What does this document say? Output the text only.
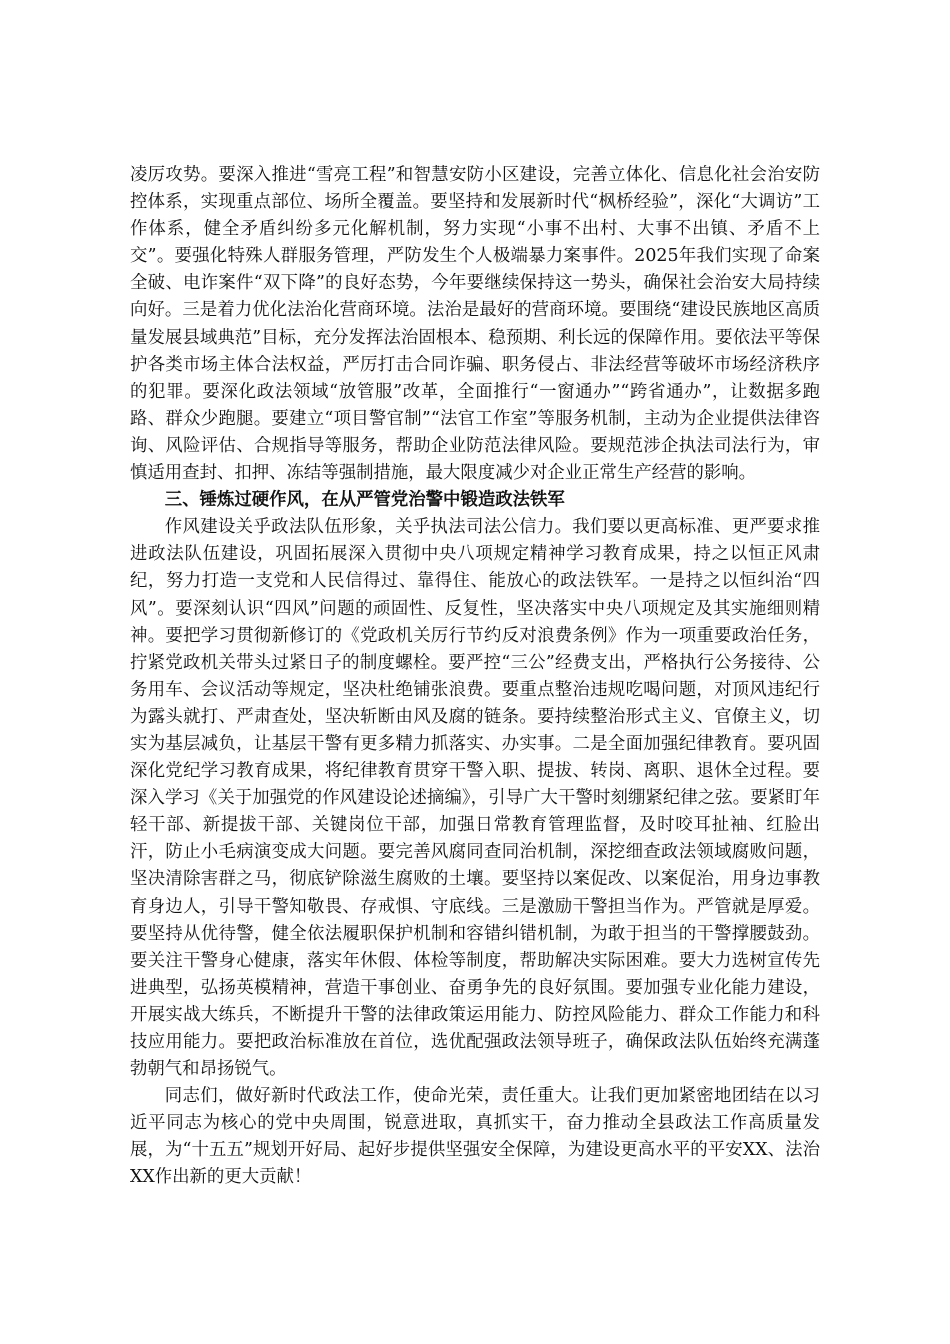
凌厉攻势。要深入推进“雪亮工程”和智慧安防小区建设，完善立体化、信息化社会治安防控体系，实现重点部位、场所全覆盖。要坚持和发展新时代“枫桥经验”，深化“大调访”工作体系，健全矛盾纠纷多元化解机制，努力实现“小事不出村、大事不出镇、矛盾不上交”。要强化特殊人群服务管理，严防发生个人极端暴力案事件。2025年我们实现了命案全破、电诈案件“双下降”的良好态势，今年要继续保持这一势头，确保社会治安大局持续向好。三是着力优化法治化营商环境。法治是最好的营商环境。要围绕“建设民族地区高质量发展县域典范”目标，充分发挥法治固根本、稳预期、利长远的保障作用。要依法平等保护各类市场主体合法权益，严厉打击合同诈骗、职务侵占、非法经营等破坏市场经济秩序的犯罪。要深化政法领域“放管服”改革，全面推行“一窗通办”“跨省通办”，让数据多跑路、群众少跑腿。要建立“项目警官制”“法官工作室”等服务机制，主动为企业提供法律咨询、风险评估、合规指导等服务，帮助企业防范法律风险。要规范涉企执法司法行为，审慎适用查封、扣押、冻结等强制措施，最大限度减少对企业正常生产经营的影响。

三、锤炼过硬作风，在从严管党治警中锻造政法铁军

作风建设关乎政法队伍形象，关乎执法司法公信力。我们要以更高标准、更严要求推进政法队伍建设，巩固拓展深入贯彻中央八项规定精神学习教育成果，持之以恒正风肃纪，努力打造一支党和人民信得过、靠得住、能放心的政法铁军。一是持之以恒纠治“四风”。要深刻认识“四风”问题的顽固性、反复性，坚决落实中央八项规定及其实施细则精神。要把学习贯彻新修订的《党政机关厉行节约反对浪费条例》作为一项重要政治任务，拧紧党政机关带头过紧日子的制度螺栓。要严控“三公”经费支出，严格执行公务接待、公务用车、会议活动等规定，坚决杜绝铺张浪费。要重点整治违规吃喝问题，对顶风违纪行为露头就打、严肃查处，坚决斩断由风及腐的链条。要持续整治形式主义、官僚主义，切实为基层减负，让基层干警有更多精力抓落实、办实事。二是全面加强纪律教育。要巩固深化党纪学习教育成果，将纪律教育贯穿干警入职、提拔、转岗、离职、退休全过程。要深入学习《关于加强党的作风建设论述摘编》，引导广大干警时刻绷紧纪律之弦。要紧盯年轻干部、新提拔干部、关键岗位干部，加强日常教育管理监督，及时咬耳扯袖、红脸出汗，防止小毛病演变成大问题。要完善风腐同查同治机制，深挖细查政法领域腐败问题，坚决清除害群之马，彻底铲除滋生腐败的土壤。要坚持以案促改、以案促治，用身边事教育身边人，引导干警知敬畏、存戒惧、守底线。三是激励干警担当作为。严管就是厚爱。要坚持从优待警，健全依法履职保护机制和容错纠错机制，为敢于担当的干警撑腰鼓劲。要关注干警身心健康，落实年休假、体检等制度，帮助解决实际困难。要大力选树宣传先进典型，弘扬英模精神，营造干事创业、奋勇争先的良好氛围。要加强专业化能力建设，开展实战大练兵，不断提升干警的法律政策运用能力、防控风险能力、群众工作能力和科技应用能力。要把政治标准放在首位，选优配强政法领导班子，确保政法队伍始终充满蓬勃朝气和昂扬锐气。

同志们，做好新时代政法工作，使命光荣，责任重大。让我们更加紧密地团结在以习近平同志为核心的党中央周围，锐意进取，真抓实干，奋力推动全县政法工作高质量发展，为“十五五”规划开好局、起好步提供坚强安全保障，为建设更高水平的平安XX、法治XX作出新的更大贡献！
